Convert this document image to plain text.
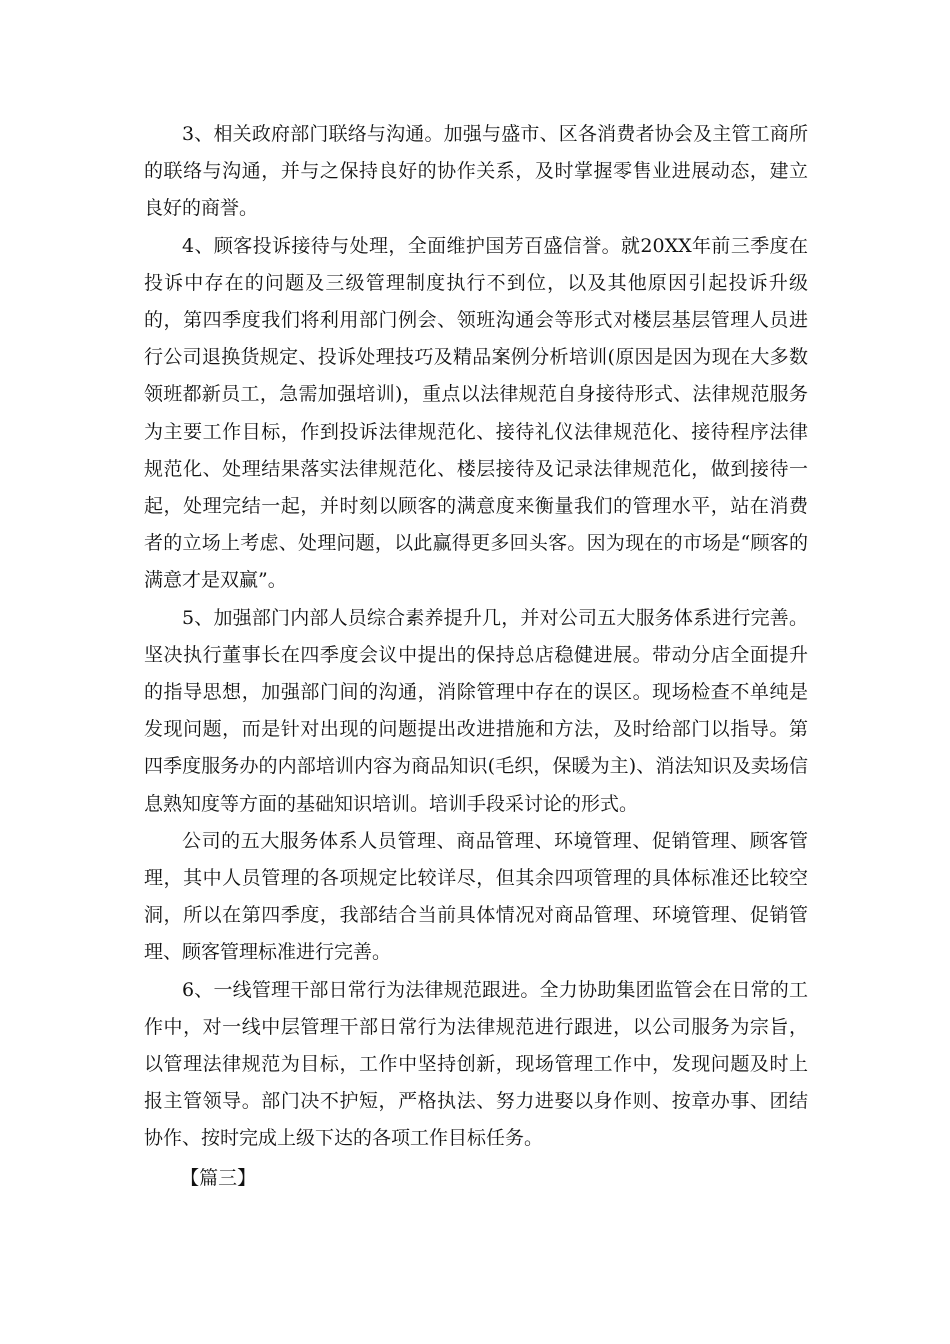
3、相关政府部门联络与沟通。加强与盛市、区各消费者协会及主管工商所的联络与沟通，并与之保持良好的协作关系，及时掌握零售业进展动态，建立良好的商誉。

4、顾客投诉接待与处理，全面维护国芳百盛信誉。就20XX年前三季度在投诉中存在的问题及三级管理制度执行不到位，以及其他原因引起投诉升级的，第四季度我们将利用部门例会、领班沟通会等形式对楼层基层管理人员进行公司退换货规定、投诉处理技巧及精品案例分析培训(原因是因为现在大多数领班都新员工，急需加强培训)，重点以法律规范自身接待形式、法律规范服务为主要工作目标，作到投诉法律规范化、接待礼仪法律规范化、接待程序法律规范化、处理结果落实法律规范化、楼层接待及记录法律规范化，做到接待一起，处理完结一起，并时刻以顾客的满意度来衡量我们的管理水平，站在消费者的立场上考虑、处理问题，以此赢得更多回头客。因为现在的市场是“顾客的满意才是双赢”。

5、加强部门内部人员综合素养提升几，并对公司五大服务体系进行完善。坚决执行董事长在四季度会议中提出的保持总店稳健进展。带动分店全面提升的指导思想，加强部门间的沟通，消除管理中存在的误区。现场检查不单纯是发现问题，而是针对出现的问题提出改进措施和方法，及时给部门以指导。第四季度服务办的内部培训内容为商品知识(毛织，保暖为主)、消法知识及卖场信息熟知度等方面的基础知识培训。培训手段采讨论的形式。

公司的五大服务体系人员管理、商品管理、环境管理、促销管理、顾客管理，其中人员管理的各项规定比较详尽，但其余四项管理的具体标准还比较空洞，所以在第四季度，我部结合当前具体情况对商品管理、环境管理、促销管理、顾客管理标准进行完善。

6、一线管理干部日常行为法律规范跟进。全力协助集团监管会在日常的工作中，对一线中层管理干部日常行为法律规范进行跟进，以公司服务为宗旨，以管理法律规范为目标，工作中坚持创新，现场管理工作中，发现问题及时上报主管领导。部门决不护短，严格执法、努力进娶以身作则、按章办事、团结协作、按时完成上级下达的各项工作目标任务。

【篇三】
